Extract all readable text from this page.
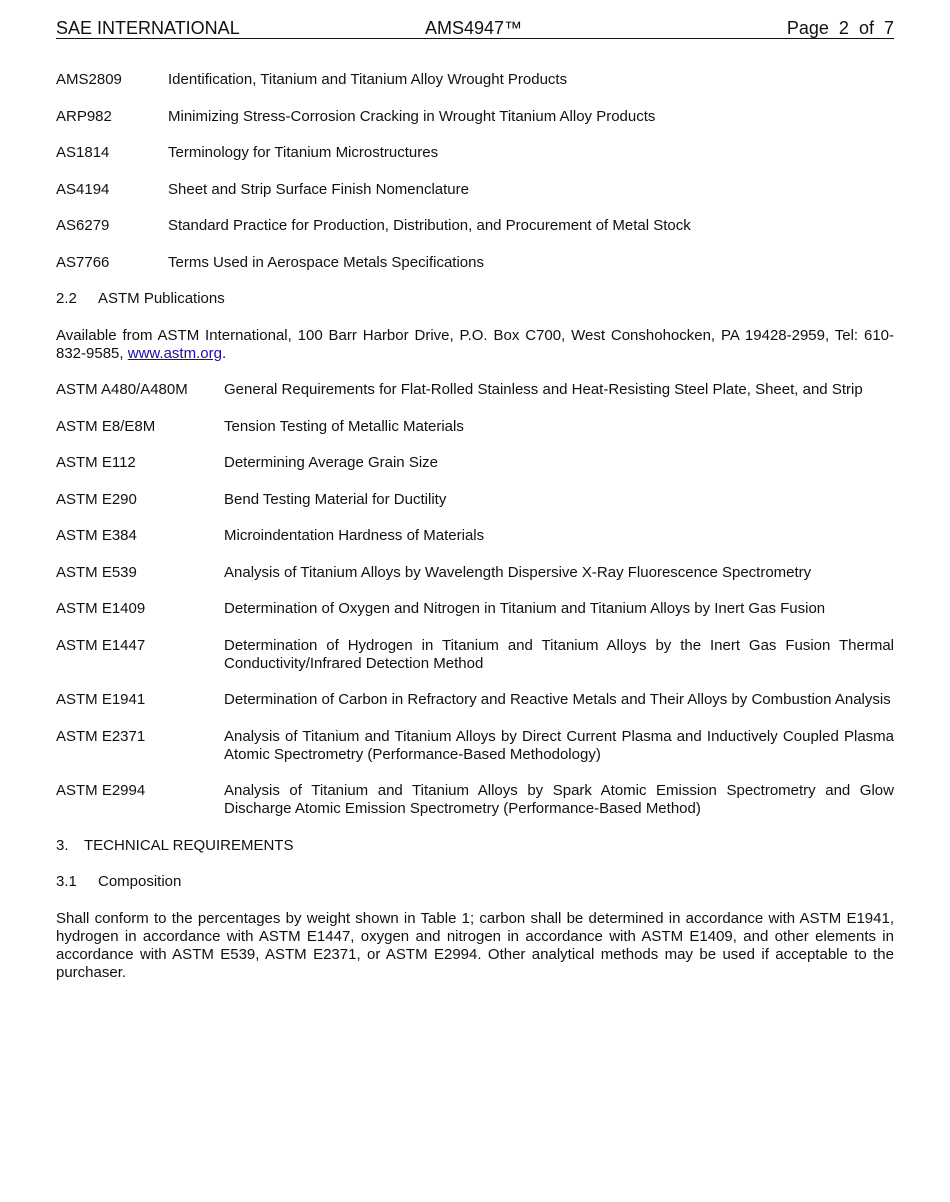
SAE INTERNATIONAL	AMS4947™	Page 2 of 7
AMS2809	Identification, Titanium and Titanium Alloy Wrought Products
ARP982	Minimizing Stress-Corrosion Cracking in Wrought Titanium Alloy Products
AS1814	Terminology for Titanium Microstructures
AS4194	Sheet and Strip Surface Finish Nomenclature
AS6279	Standard Practice for Production, Distribution, and Procurement of Metal Stock
AS7766	Terms Used in Aerospace Metals Specifications
2.2 ASTM Publications
Available from ASTM International, 100 Barr Harbor Drive, P.O. Box C700, West Conshohocken, PA 19428-2959, Tel: 610-832-9585, www.astm.org.
ASTM A480/A480M	General Requirements for Flat-Rolled Stainless and Heat-Resisting Steel Plate, Sheet, and Strip
ASTM E8/E8M	Tension Testing of Metallic Materials
ASTM E112	Determining Average Grain Size
ASTM E290	Bend Testing Material for Ductility
ASTM E384	Microindentation Hardness of Materials
ASTM E539	Analysis of Titanium Alloys by Wavelength Dispersive X-Ray Fluorescence Spectrometry
ASTM E1409	Determination of Oxygen and Nitrogen in Titanium and Titanium Alloys by Inert Gas Fusion
ASTM E1447	Determination of Hydrogen in Titanium and Titanium Alloys by the Inert Gas Fusion Thermal Conductivity/Infrared Detection Method
ASTM E1941	Determination of Carbon in Refractory and Reactive Metals and Their Alloys by Combustion Analysis
ASTM E2371	Analysis of Titanium and Titanium Alloys by Direct Current Plasma and Inductively Coupled Plasma Atomic Spectrometry (Performance-Based Methodology)
ASTM E2994	Analysis of Titanium and Titanium Alloys by Spark Atomic Emission Spectrometry and Glow Discharge Atomic Emission Spectrometry (Performance-Based Method)
3. TECHNICAL REQUIREMENTS
3.1 Composition
Shall conform to the percentages by weight shown in Table 1; carbon shall be determined in accordance with ASTM E1941, hydrogen in accordance with ASTM E1447, oxygen and nitrogen in accordance with ASTM E1409, and other elements in accordance with ASTM E539, ASTM E2371, or ASTM E2994. Other analytical methods may be used if acceptable to the purchaser.
